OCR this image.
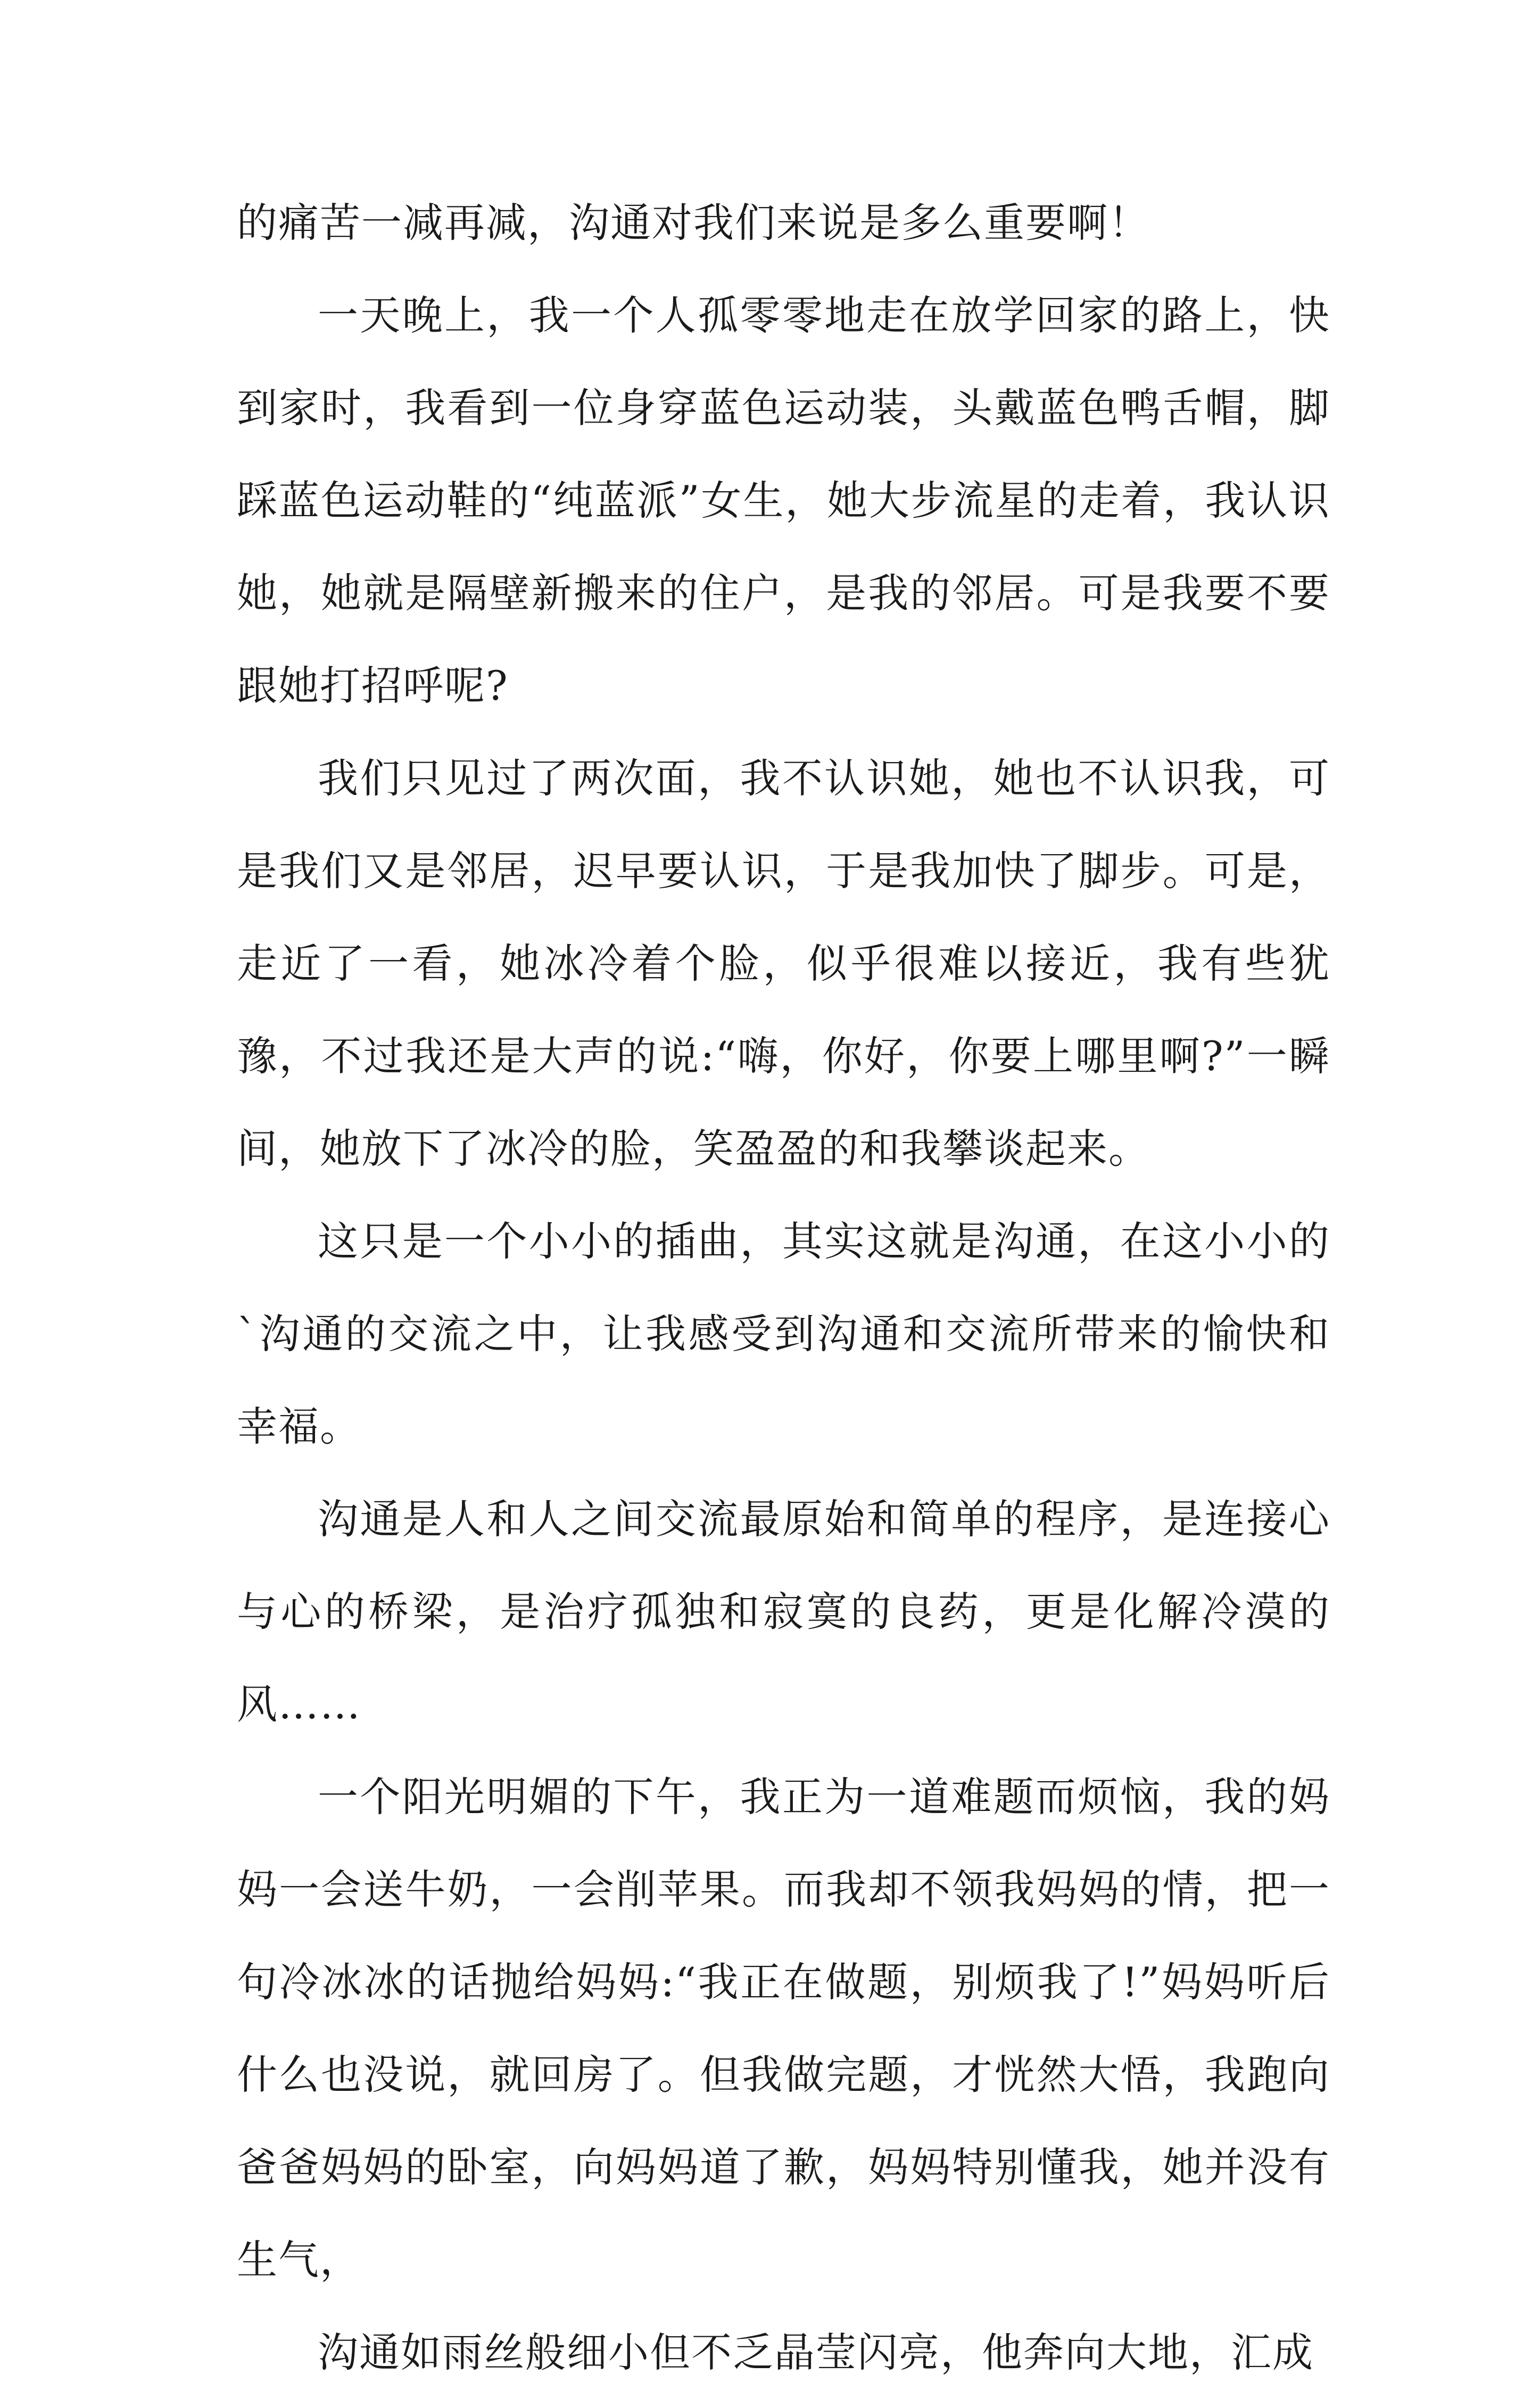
的痛苦一减再减，沟通对我们来说是多么重要啊！

一天晚上，我一个人孤零零地走在放学回家的路上，快到家时，我看到一位身穿蓝色运动装，头戴蓝色鸭舌帽，脚踩蓝色运动鞋的“纯蓝派”女生，她大步流星的走着，我认识她，她就是隔壁新搬来的住户，是我的邻居。可是我要不要跟她打招呼呢?

我们只见过了两次面，我不认识她，她也不认识我，可是我们又是邻居，迟早要认识，于是我加快了脚步。可是，走近了一看，她冰冷着个脸，似乎很难以接近，我有些犹豫，不过我还是大声的说:“嗨，你好，你要上哪里啊?”一瞬间，她放下了冰冷的脸，笑盈盈的和我攀谈起来。

这只是一个小小的插曲，其实这就是沟通，在这小小的`沟通的交流之中，让我感受到沟通和交流所带来的愉快和幸福。

沟通是人和人之间交流最原始和简单的程序，是连接心与心的桥梁，是治疗孤独和寂寞的良药，更是化解冷漠的风……

一个阳光明媚的下午，我正为一道难题而烦恼，我的妈妈一会送牛奶，一会削苹果。而我却不领我妈妈的情，把一句冷冰冰的话抛给妈妈:“我正在做题，别烦我了!”妈妈听后什么也没说，就回房了。但我做完题，才恍然大悟，我跑向爸爸妈妈的卧室，向妈妈道了歉，妈妈特别懂我，她并没有生气，

沟通如雨丝般细小但不乏晶莹闪亮，他奔向大地，汇成
